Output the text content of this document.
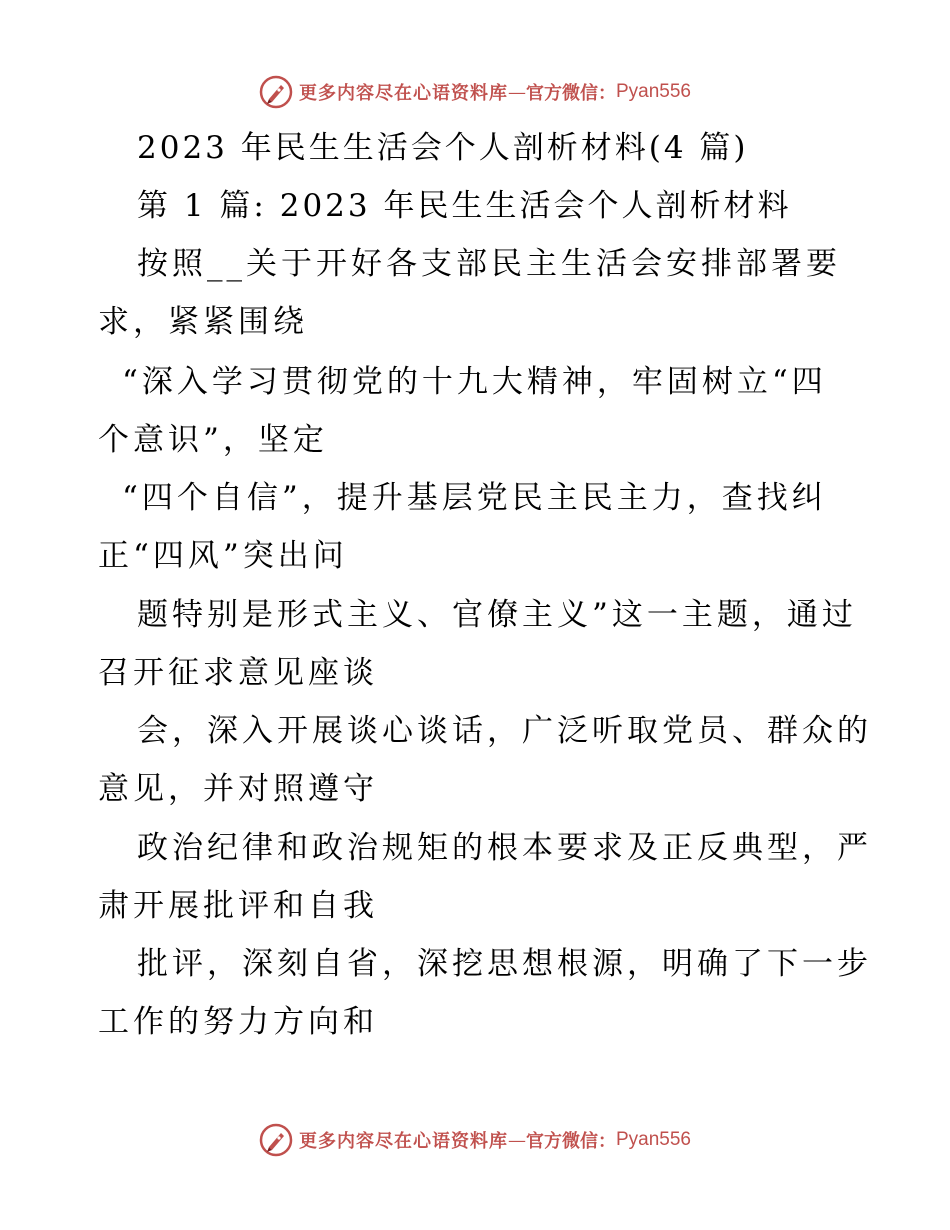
更多内容尽在心语资料库 — 官方微信： Pyan556
2023 年民生生活会个人剖析材料(4 篇)
第 1 篇: 2023 年民生生活会个人剖析材料
按照__关于开好各支部民主生活会安排部署要
求，紧紧围绕
“深入学习贯彻党的十九大精神，牢固树立“四
个意识”，坚定
“四个自信”，提升基层党民主民主力，查找纠
正“四风”突出问
题特别是形式主义、官僚主义”这一主题，通过
召开征求意见座谈
会，深入开展谈心谈话，广泛听取党员、群众的
意见，并对照遵守
政治纪律和政治规矩的根本要求及正反典型，严
肃开展批评和自我
批评，深刻自省，深挖思想根源，明确了下一步
工作的努力方向和
更多内容尽在心语资料库 — 官方微信： Pyan556
